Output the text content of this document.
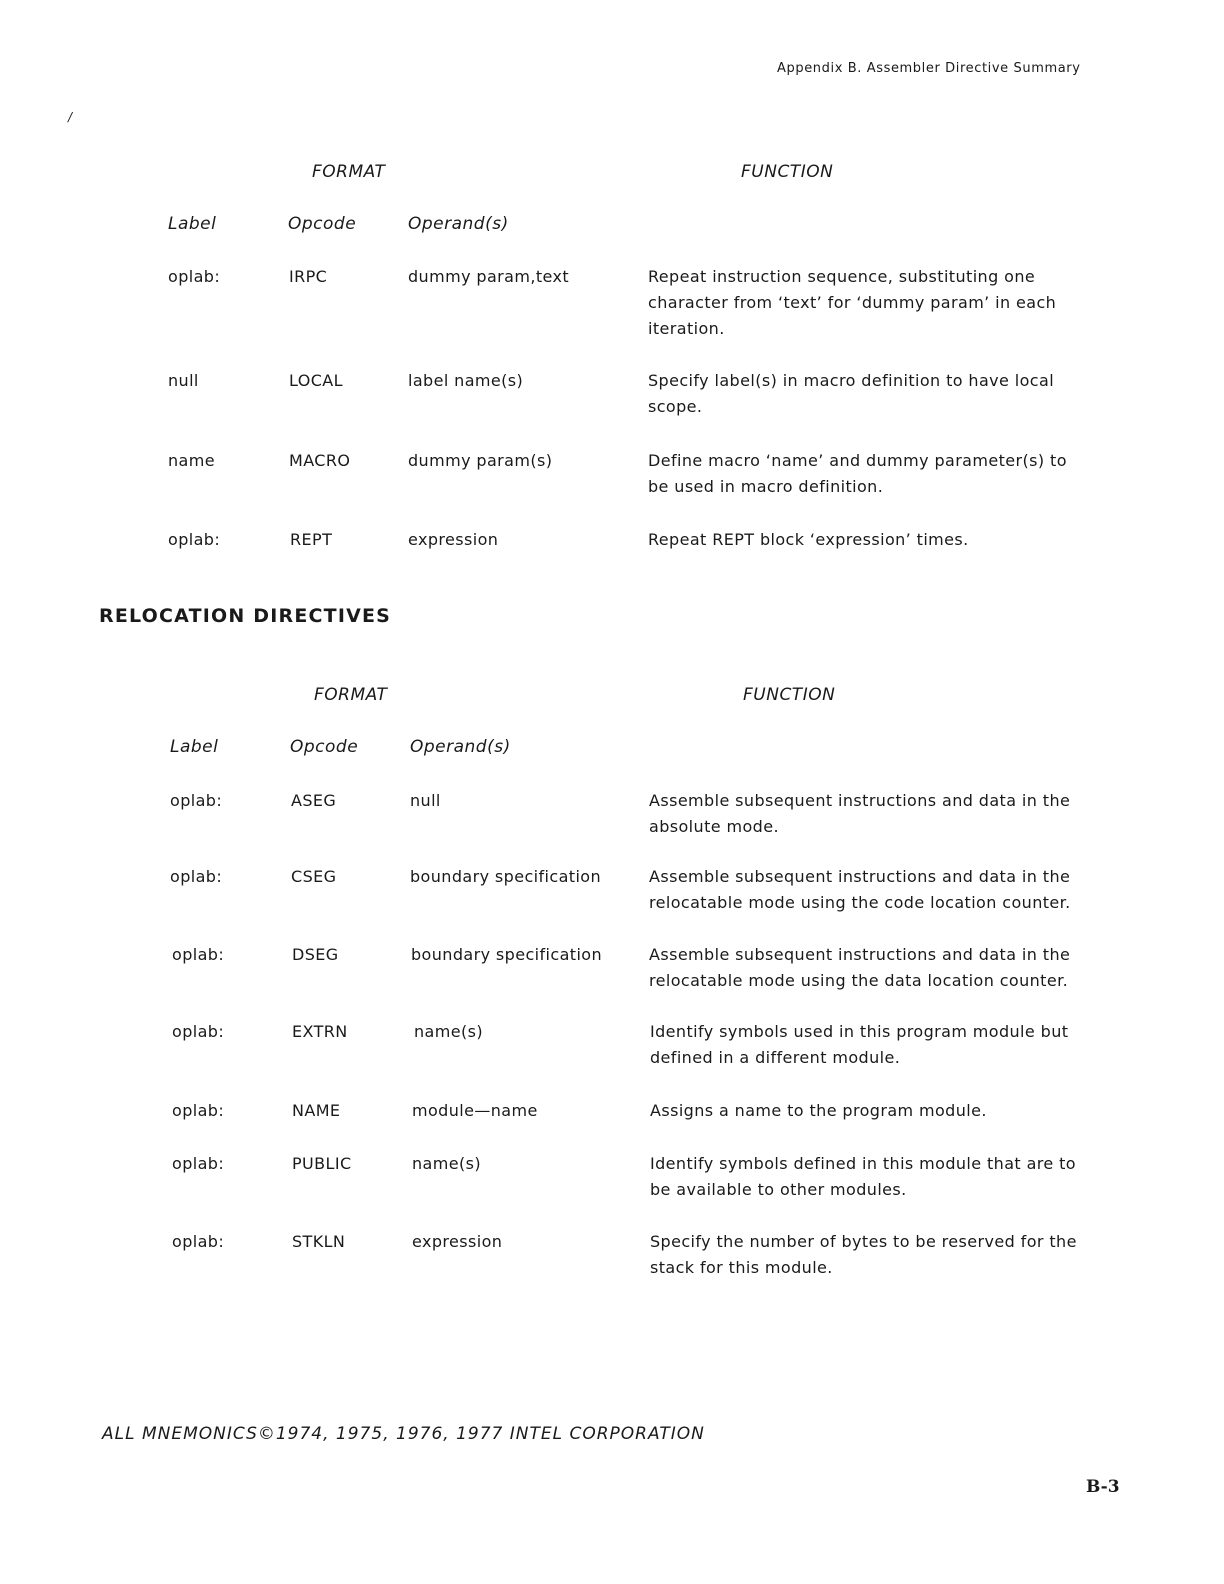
Appendix B. Assembler Directive Summary
/
FORMAT	FUNCTION
Label	Opcode	Operand(s)
oplab:	IRPC	dummy param,text	Repeat instruction sequence, substituting one character from ‘text’ for ‘dummy param’ in each iteration.
null	LOCAL	label name(s)	Specify label(s) in macro definition to have local scope.
name	MACRO	dummy param(s)	Define macro ‘name’ and dummy parameter(s) to be used in macro definition.
oplab:	REPT	expression	Repeat REPT block ‘expression’ times.
RELOCATION DIRECTIVES
FORMAT	FUNCTION
Label	Opcode	Operand(s)
oplab:	ASEG	null	Assemble subsequent instructions and data in the absolute mode.
oplab:	CSEG	boundary specification	Assemble subsequent instructions and data in the relocatable mode using the code location counter.
oplab:	DSEG	boundary specification	Assemble subsequent instructions and data in the relocatable mode using the data location counter.
oplab:	EXTRN	name(s)	Identify symbols used in this program module but defined in a different module.
oplab:	NAME	module—name	Assigns a name to the program module.
oplab:	PUBLIC	name(s)	Identify symbols defined in this module that are to be available to other modules.
oplab:	STKLN	expression	Specify the number of bytes to be reserved for the stack for this module.
ALL MNEMONICS©1974, 1975, 1976, 1977 INTEL CORPORATION
B-3
